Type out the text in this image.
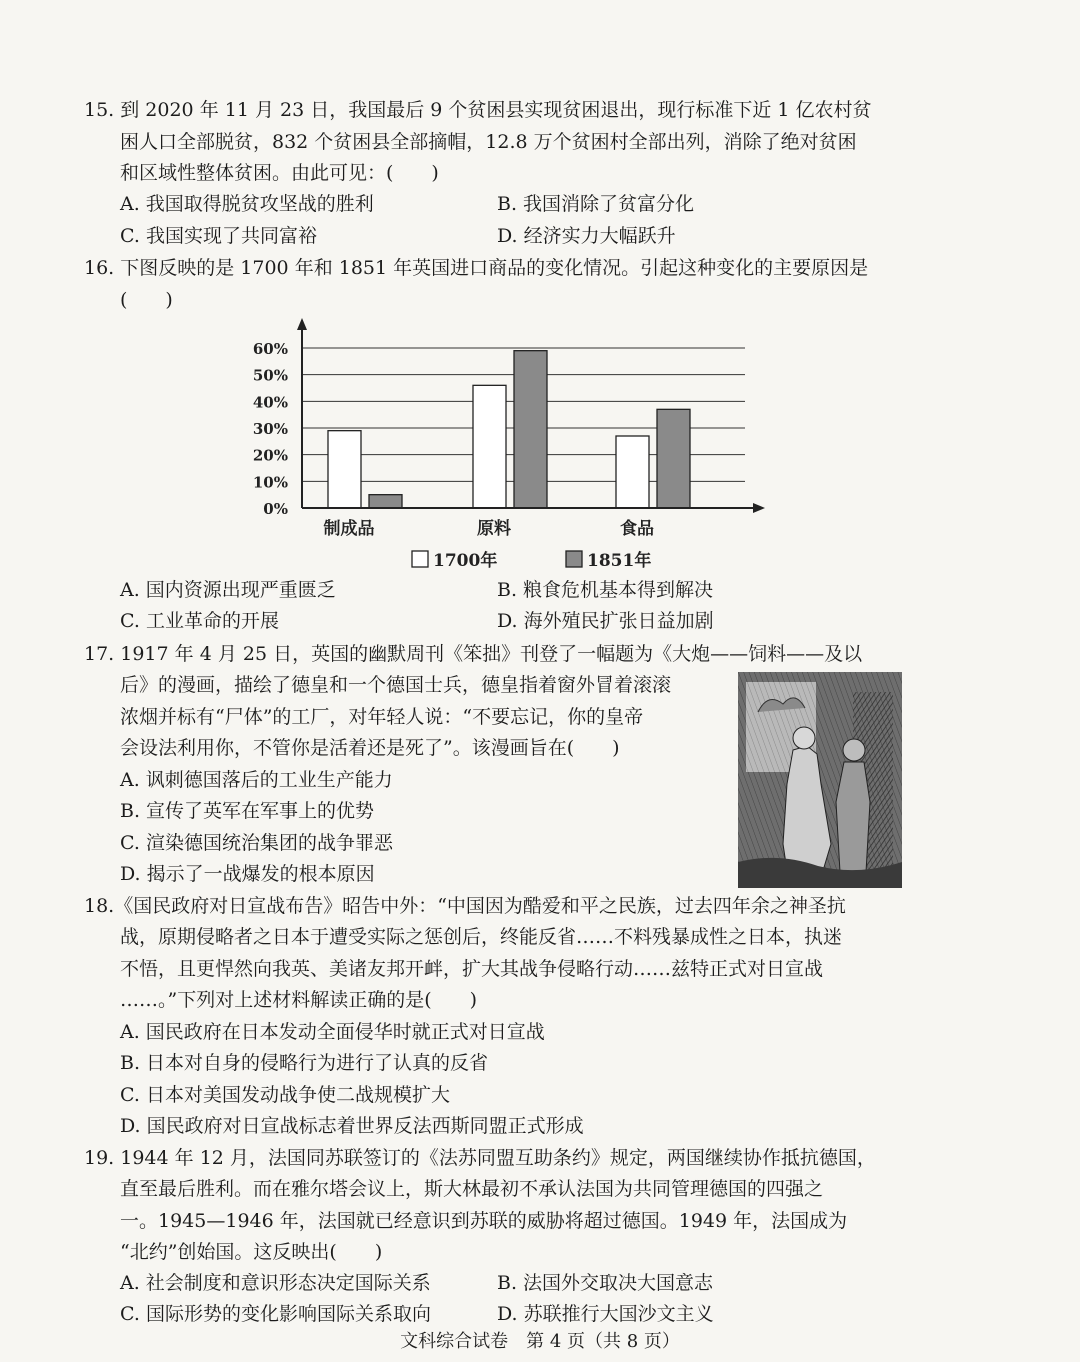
15. 到 2020 年 11 月 23 日，我国最后 9 个贫困县实现贫困退出，现行标准下近 1 亿农村贫
困人口全部脱贫，832 个贫困县全部摘帽，12.8 万个贫困村全部出列，消除了绝对贫困
和区域性整体贫困。由此可见：(　　)
A. 我国取得脱贫攻坚战的胜利	B. 我国消除了贫富分化
C. 我国实现了共同富裕	D. 经济实力大幅跃升
16. 下图反映的是 1700 年和 1851 年英国进口商品的变化情况。引起这种变化的主要原因是
(　　)
0%
10%
20%
30%
40%
50%
60%
制成品	原料	食品
1700年	1851年
A. 国内资源出现严重匮乏	B. 粮食危机基本得到解决
C. 工业革命的开展	D. 海外殖民扩张日益加剧
17. 1917 年 4 月 25 日，英国的幽默周刊《笨拙》刊登了一幅题为《大炮——饲料——及以
后》的漫画，描绘了德皇和一个德国士兵，德皇指着窗外冒着滚滚
浓烟并标有“尸体”的工厂，对年轻人说：“不要忘记，你的皇帝
会设法利用你，不管你是活着还是死了”。该漫画旨在(　　)
A. 讽刺德国落后的工业生产能力
B. 宣传了英军在军事上的优势
C. 渲染德国统治集团的战争罪恶
D. 揭示了一战爆发的根本原因
18.《国民政府对日宣战布告》昭告中外：“中国因为酷爱和平之民族，过去四年余之神圣抗
战，原期侵略者之日本于遭受实际之惩创后，终能反省……不料残暴成性之日本，执迷
不悟，且更悍然向我英、美诸友邦开衅，扩大其战争侵略行动……兹特正式对日宣战
……。”下列对上述材料解读正确的是(　　)
A. 国民政府在日本发动全面侵华时就正式对日宣战
B. 日本对自身的侵略行为进行了认真的反省
C. 日本对美国发动战争使二战规模扩大
D. 国民政府对日宣战标志着世界反法西斯同盟正式形成
19. 1944 年 12 月，法国同苏联签订的《法苏同盟互助条约》规定，两国继续协作抵抗德国，
直至最后胜利。而在雅尔塔会议上，斯大林最初不承认法国为共同管理德国的四强之
一。1945—1946 年，法国就已经意识到苏联的威胁将超过德国。1949 年，法国成为
“北约”创始国。这反映出(　　)
A. 社会制度和意识形态决定国际关系	B. 法国外交取决大国意志
C. 国际形势的变化影响国际关系取向	D. 苏联推行大国沙文主义
文科综合试卷　第 4 页（共 8 页）
